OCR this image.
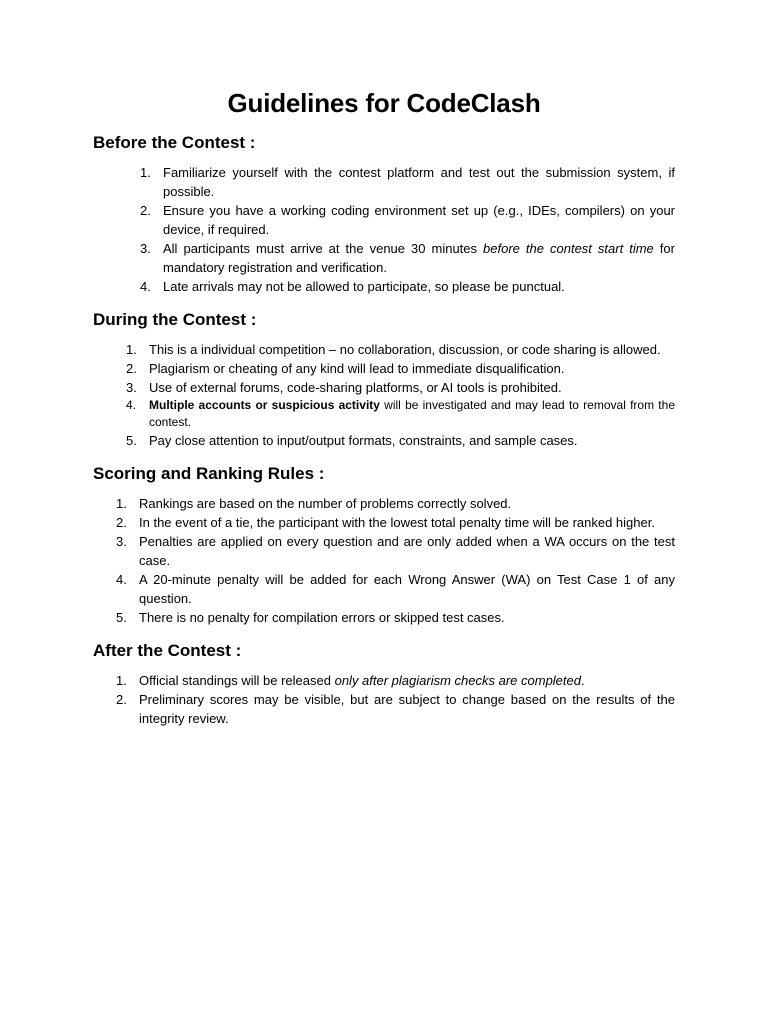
Guidelines for CodeClash
Before the Contest :
1. Familiarize yourself with the contest platform and test out the submission system, if possible.
2. Ensure you have a working coding environment set up (e.g., IDEs, compilers) on your device, if required.
3. All participants must arrive at the venue 30 minutes before the contest start time for mandatory registration and verification.
4. Late arrivals may not be allowed to participate, so please be punctual.
During the Contest :
1. This is a individual competition – no collaboration, discussion, or code sharing is allowed.
2. Plagiarism or cheating of any kind will lead to immediate disqualification.
3. Use of external forums, code-sharing platforms, or AI tools is prohibited.
4. Multiple accounts or suspicious activity will be investigated and may lead to removal from the contest.
5. Pay close attention to input/output formats, constraints, and sample cases.
Scoring and Ranking Rules :
1. Rankings are based on the number of problems correctly solved.
2. In the event of a tie, the participant with the lowest total penalty time will be ranked higher.
3. Penalties are applied on every question and are only added when a WA occurs on the test case.
4. A 20-minute penalty will be added for each Wrong Answer (WA) on Test Case 1 of any question.
5. There is no penalty for compilation errors or skipped test cases.
After the Contest :
1. Official standings will be released only after plagiarism checks are completed.
2. Preliminary scores may be visible, but are subject to change based on the results of the integrity review.
